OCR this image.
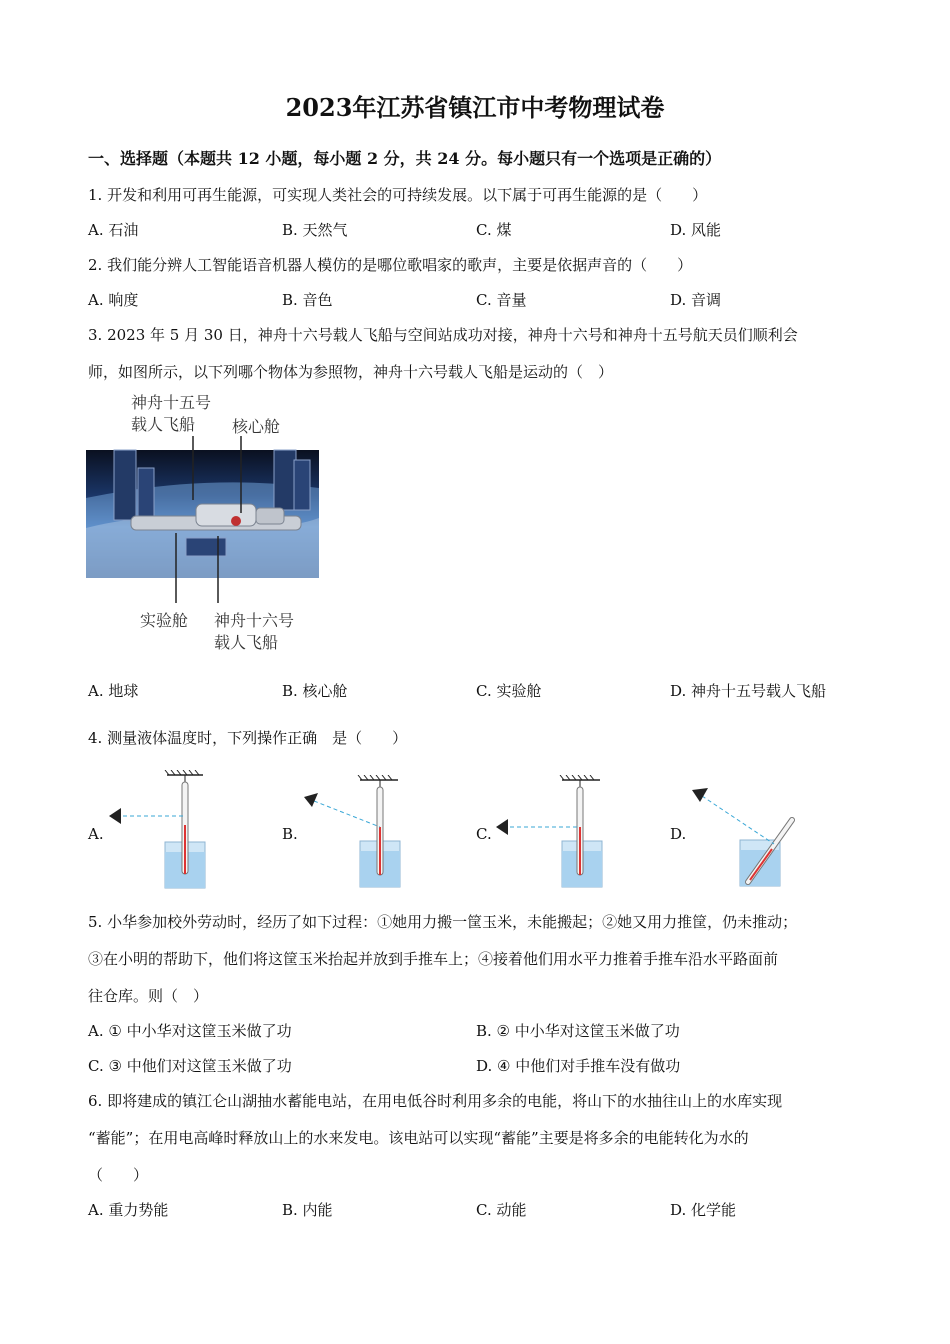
2023年江苏省镇江市中考物理试卷
一、选择题（本题共 12 小题，每小题 2 分，共 24 分。每小题只有一个选项是正确的）
1. 开发和利用可再生能源，可实现人类社会的可持续发展。以下属于可再生能源的是（　　）
A. 石油	B. 天然气	C. 煤	D. 风能
2. 我们能分辨人工智能语音机器人模仿的是哪位歌唱家的歌声，主要是依据声音的（　　）
A. 响度	B. 音色	C. 音量	D. 音调
3. 2023 年 5 月 30 日，神舟十六号载人飞船与空间站成功对接，神舟十六号和神舟十五号航天员们顺利会
师，如图所示，以下列哪个物体为参照物，神舟十六号载人飞船是运动的（　）
神舟十五号
载人飞船 核心舱
实验舱 神舟十六号
载人飞船
A. 地球	B. 核心舱	C. 实验舱	D. 神舟十五号载人飞船
4. 测量液体温度时，下列操作正确　是（　　）
A.	B.	C.	D.
5. 小华参加校外劳动时，经历了如下过程：①她用力搬一筐玉米，未能搬起；②她又用力推筐，仍未推动；
③在小明的帮助下，他们将这筐玉米抬起并放到手推车上；④接着他们用水平力推着手推车沿水平路面前
往仓库。则（　）
A. ① 中小华对这筐玉米做了功	B. ② 中小华对这筐玉米做了功
C. ③ 中他们对这筐玉米做了功	D. ④ 中他们对手推车没有做功
6. 即将建成的镇江仑山湖抽水蓄能电站，在用电低谷时利用多余的电能，将山下的水抽往山上的水库实现
“蓄能”；在用电高峰时释放山上的水来发电。该电站可以实现“蓄能”主要是将多余的电能转化为水的
（　　）
A. 重力势能	B. 内能	C. 动能	D. 化学能
